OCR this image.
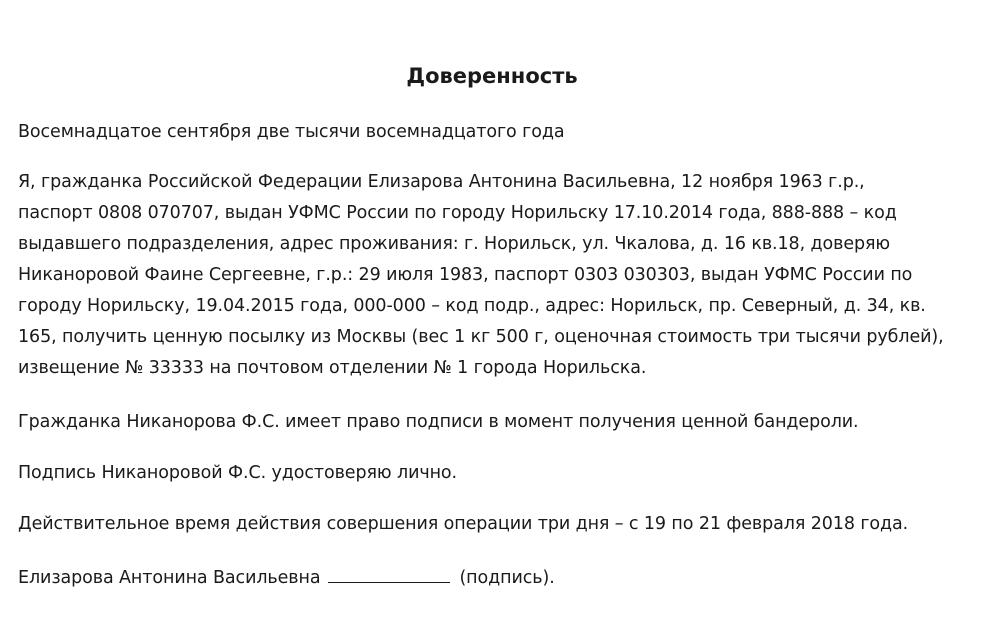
Доверенность

Восемнадцатое сентября две тысячи восемнадцатого года

Я, гражданка Российской Федерации Елизарова Антонина Васильевна, 12 ноября 1963 г.р.,
паспорт 0808 070707, выдан УФМС России по городу Норильску 17.10.2014 года, 888-888 – код
выдавшего подразделения, адрес проживания: г. Норильск, ул. Чкалова, д. 16 кв.18, доверяю
Никаноровой Фаине Сергеевне, г.р.: 29 июля 1983, паспорт 0303 030303, выдан УФМС России по
городу Норильску, 19.04.2015 года, 000-000 – код подр., адрес: Норильск, пр. Северный, д. 34, кв.
165, получить ценную посылку из Москвы (вес 1 кг 500 г, оценочная стоимость три тысячи рублей),
извещение № 33333 на почтовом отделении № 1 города Норильска.

Гражданка Никанорова Ф.С. имеет право подписи в момент получения ценной бандероли.

Подпись Никаноровой Ф.С. удостоверяю лично.

Действительное время действия совершения операции три дня – с 19 по 21 февраля 2018 года.

Елизарова Антонина Васильевна	(подпись).
